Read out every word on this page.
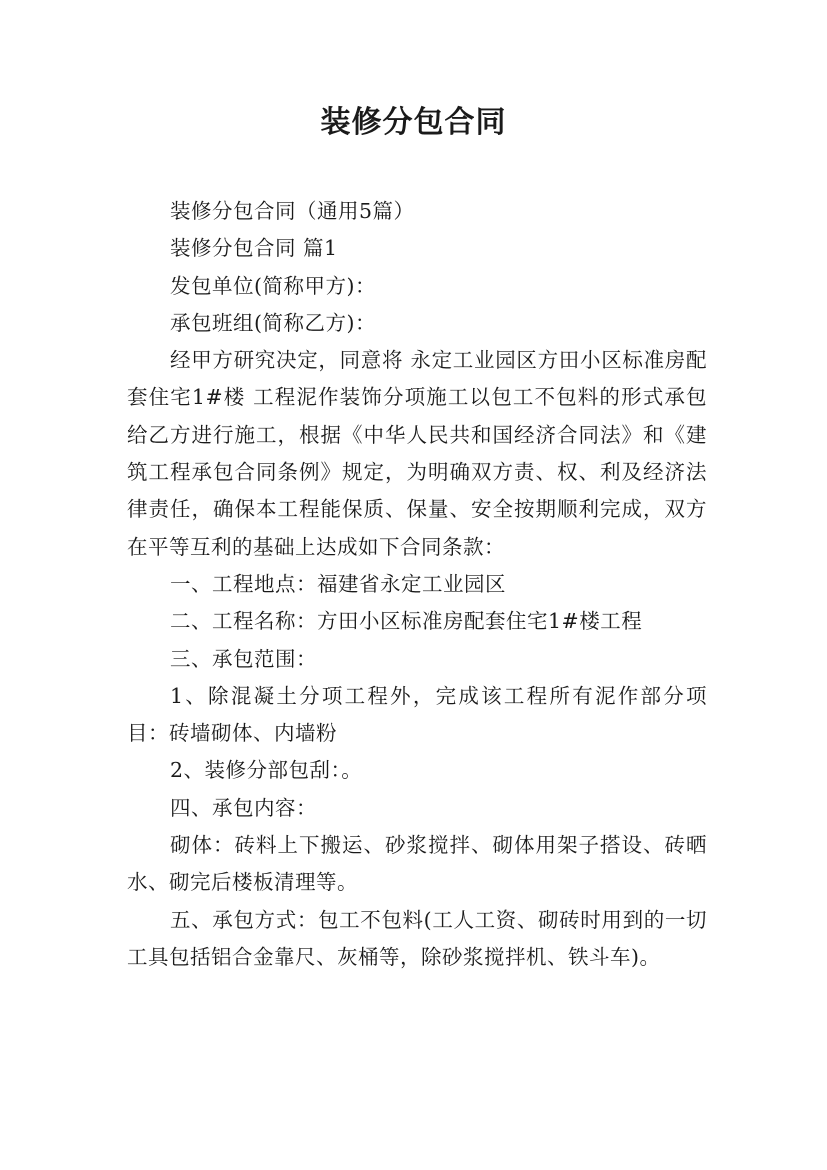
装修分包合同

装修分包合同（通用5篇）

装修分包合同 篇1

发包单位(简称甲方)：

承包班组(简称乙方)：

经甲方研究决定，同意将 永定工业园区方田小区标准房配套住宅1#楼 工程泥作装饰分项施工以包工不包料的形式承包给乙方进行施工，根据《中华人民共和国经济合同法》和《建筑工程承包合同条例》规定，为明确双方责、权、利及经济法律责任，确保本工程能保质、保量、安全按期顺利完成，双方在平等互利的基础上达成如下合同条款：

一、工程地点：福建省永定工业园区

二、工程名称：方田小区标准房配套住宅1#楼工程

三、承包范围：

1、除混凝土分项工程外，完成该工程所有泥作部分项目：砖墙砌体、内墙粉

2、装修分部包刮：。

四、承包内容：

砌体：砖料上下搬运、砂浆搅拌、砌体用架子搭设、砖晒水、砌完后楼板清理等。

五、承包方式：包工不包料(工人工资、砌砖时用到的一切工具包括铝合金靠尺、灰桶等，除砂浆搅拌机、铁斗车)。
